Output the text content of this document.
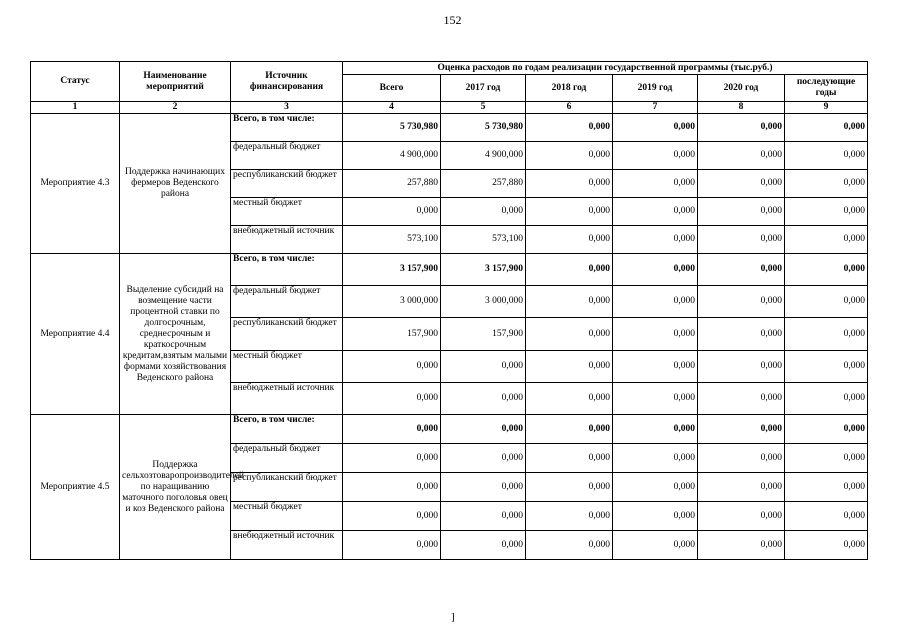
152
Статус	Наименование мероприятий	Источник финансирования	Оценка расходов по годам реализации государственной программы (тыс.руб.)					
			Всего	2017 год	2018 год	2019 год	2020 год	последующие годы
1	2	3	4	5	6	7	8	9
Мероприятие 4.3	Поддержка начинающих фермеров Веденского района	Всего, в том числе:	5 730,980	5 730,980	0,000	0,000	0,000	0,000
		федеральный бюджет	4 900,000	4 900,000	0,000	0,000	0,000	0,000
		республиканский бюджет	257,880	257,880	0,000	0,000	0,000	0,000
		местный бюджет	0,000	0,000	0,000	0,000	0,000	0,000
		внебюджетный источник	573,100	573,100	0,000	0,000	0,000	0,000
Мероприятие 4.4	Выделение субсидий на возмещение части процентной ставки по долгосрочным, среднесрочным и краткосрочным кредитам,взятым малыми формами хозяйствования Веденского района	Всего, в том числе:	3 157,900	3 157,900	0,000	0,000	0,000	0,000
		федеральный бюджет	3 000,000	3 000,000	0,000	0,000	0,000	0,000
		республиканский бюджет	157,900	157,900	0,000	0,000	0,000	0,000
		местный бюджет	0,000	0,000	0,000	0,000	0,000	0,000
		внебюджетный источник	0,000	0,000	0,000	0,000	0,000	0,000
Мероприятие 4.5	Поддержка сельхозтоваропроизводителей по наращиванию маточного поголовья овец и коз Веденского района	Всего, в том числе:	0,000	0,000	0,000	0,000	0,000	0,000
		федеральный бюджет	0,000	0,000	0,000	0,000	0,000	0,000
		республиканский бюджет	0,000	0,000	0,000	0,000	0,000	0,000
		местный бюджет	0,000	0,000	0,000	0,000	0,000	0,000
		внебюджетный источник	0,000	0,000	0,000	0,000	0,000	0,000
]
